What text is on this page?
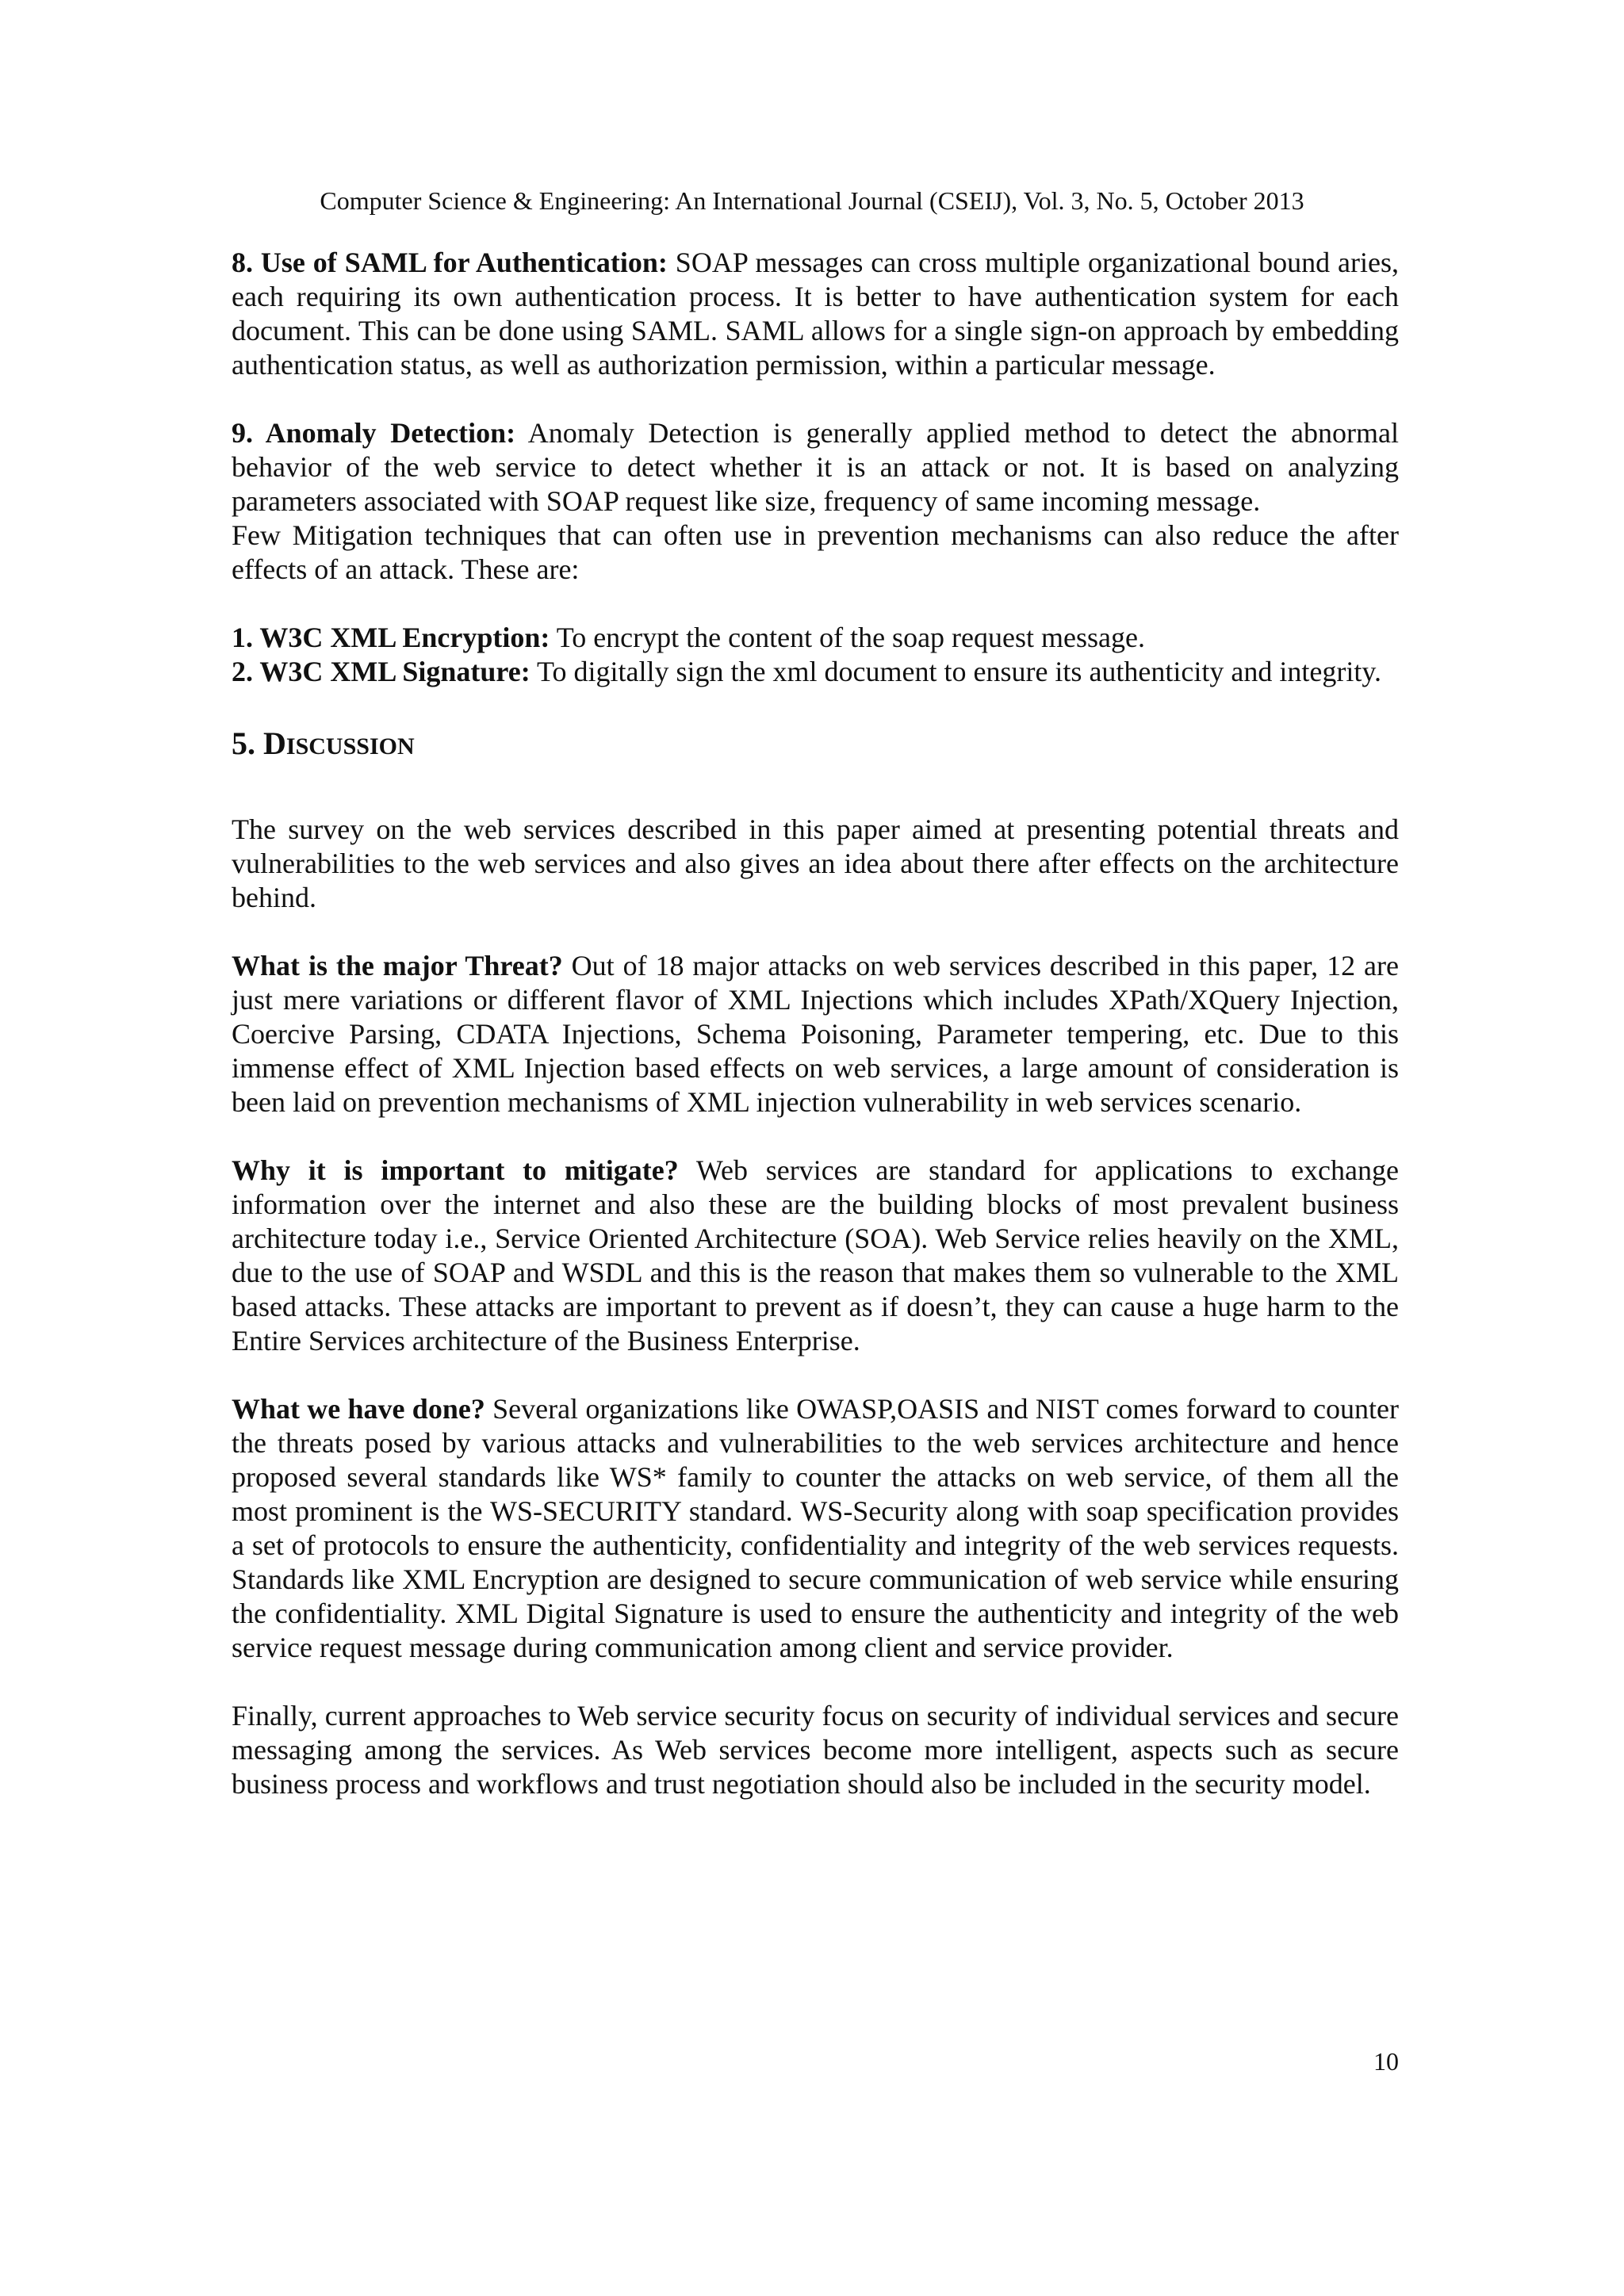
Computer Science & Engineering: An International Journal (CSEIJ), Vol. 3, No. 5, October 2013

8. Use of SAML for Authentication: SOAP messages can cross multiple organizational bound aries, each requiring its own authentication process. It is better to have authentication system for each document. This can be done using SAML. SAML allows for a single sign-on approach by embedding authentication status, as well as authorization permission, within a particular message.

9. Anomaly Detection: Anomaly Detection is generally applied method to detect the abnormal behavior of the web service to detect whether it is an attack or not. It is based on analyzing parameters associated with SOAP request like size, frequency of same incoming message.

Few Mitigation techniques that can often use in prevention mechanisms can also reduce the after effects of an attack. These are:

1. W3C XML Encryption: To encrypt the content of the soap request message.

2. W3C XML Signature: To digitally sign the xml document to ensure its authenticity and integrity.

5. DISCUSSION

The survey on the web services described in this paper aimed at presenting potential threats and vulnerabilities to the web services and also gives an idea about there after effects on the architecture behind.

What is the major Threat? Out of 18 major attacks on web services described in this paper, 12 are just mere variations or different flavor of XML Injections which includes XPath/XQuery Injection, Coercive Parsing, CDATA Injections, Schema Poisoning, Parameter tempering, etc. Due to this immense effect of XML Injection based effects on web services, a large amount of consideration is been laid on prevention mechanisms of XML injection vulnerability in web services scenario.

Why it is important to mitigate? Web services are standard for applications to exchange information over the internet and also these are the building blocks of most prevalent business architecture today i.e., Service Oriented Architecture (SOA). Web Service relies heavily on the XML, due to the use of SOAP and WSDL and this is the reason that makes them so vulnerable to the XML based attacks. These attacks are important to prevent as if doesn’t, they can cause a huge harm to the Entire Services architecture of the Business Enterprise.

What we have done? Several organizations like OWASP,OASIS and NIST comes forward to counter the threats posed by various attacks and vulnerabilities to the web services architecture and hence proposed several standards like WS* family to counter the attacks on web service, of them all the most prominent is the WS-SECURITY standard. WS-Security along with soap specification provides a set of protocols to ensure the authenticity, confidentiality and integrity of the web services requests. Standards like XML Encryption are designed to secure communication of web service while ensuring the confidentiality. XML Digital Signature is used to ensure the authenticity and integrity of the web service request message during communication among client and service provider.

Finally, current approaches to Web service security focus on security of individual services and secure messaging among the services. As Web services become more intelligent, aspects such as secure business process and workflows and trust negotiation should also be included in the security model.

10
